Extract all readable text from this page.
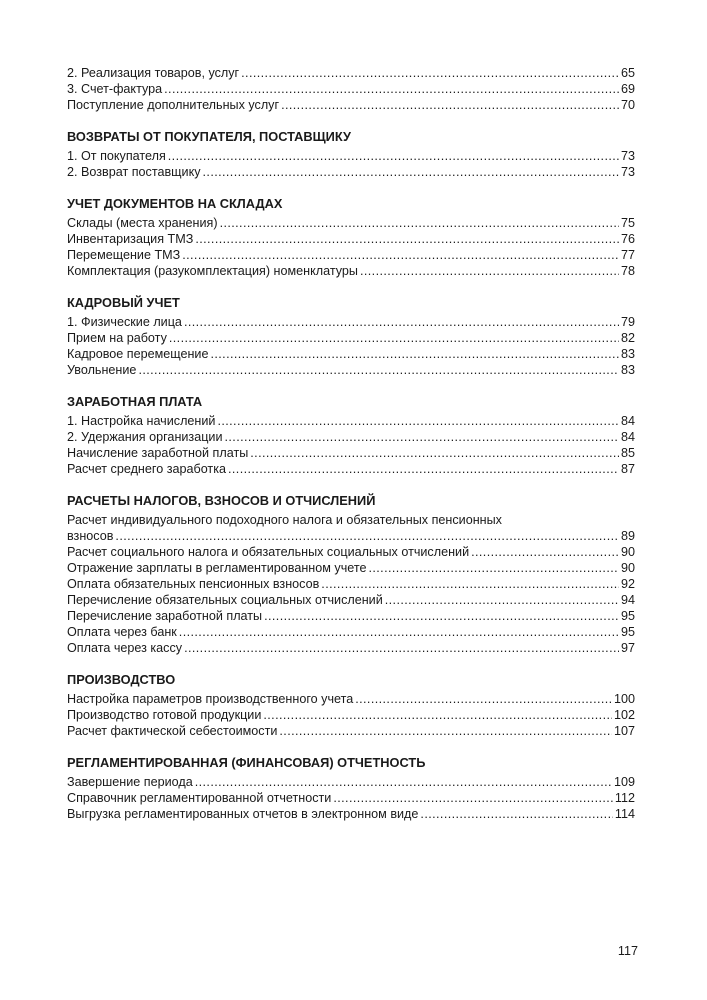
2. Реализация товаров, услуг .....	65
3. Счет-фактура .....	69
Поступление дополнительных услуг .....	70
ВОЗВРАТЫ ОТ ПОКУПАТЕЛЯ, ПОСТАВЩИКУ
1. От покупателя .....	73
2. Возврат поставщику .....	73
УЧЕТ ДОКУМЕНТОВ НА СКЛАДАХ
Склады (места хранения) .....	75
Инвентаризация ТМЗ .....	76
Перемещение ТМЗ .....	77
Комплектация (разукомплектация) номенклатуры .....	78
КАДРОВЫЙ УЧЕТ
1. Физические лица .....	79
Прием на работу .....	82
Кадровое перемещение .....	83
Увольнение .....	83
ЗАРАБОТНАЯ ПЛАТА
1. Настройка начислений .....	84
2. Удержания организации .....	84
Начисление заработной платы .....	85
Расчет среднего заработка .....	87
РАСЧЕТЫ НАЛОГОВ, ВЗНОСОВ И ОТЧИСЛЕНИЙ
Расчет индивидуального подоходного налога и обязательных пенсионных
взносов .....	89
Расчет социального налога и обязательных социальных отчислений .....	90
Отражение зарплаты в регламентированном учете .....	90
Оплата обязательных пенсионных взносов .....	92
Перечисление обязательных социальных отчислений .....	94
Перечисление заработной платы .....	95
Оплата через банк .....	95
Оплата через кассу .....	97
ПРОИЗВОДСТВО
Настройка параметров производственного учета .....	100
Производство готовой продукции .....	102
Расчет фактической себестоимости .....	107
РЕГЛАМЕНТИРОВАННАЯ (ФИНАНСОВАЯ) ОТЧЕТНОСТЬ
Завершение периода .....	109
Справочник регламентированной отчетности .....	112
Выгрузка регламентированных отчетов в электронном виде .....	114
117
